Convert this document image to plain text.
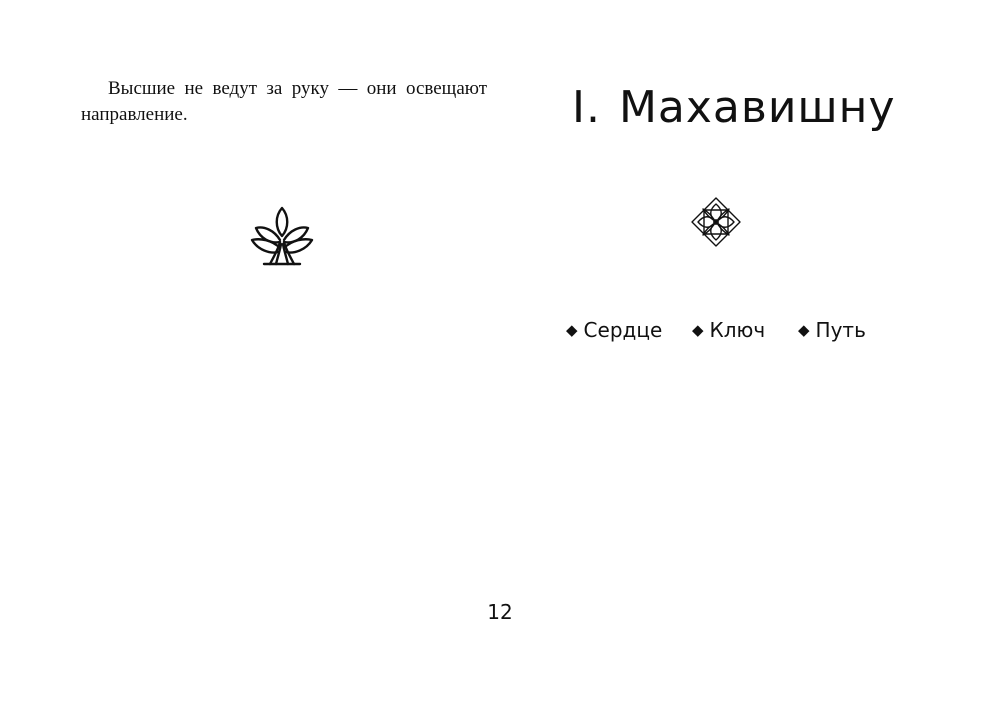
Высшие не ведут за руку — они освещают направление.	I. Махавишну
◆ Сердце ◆ Ключ ◆ Путь
12
